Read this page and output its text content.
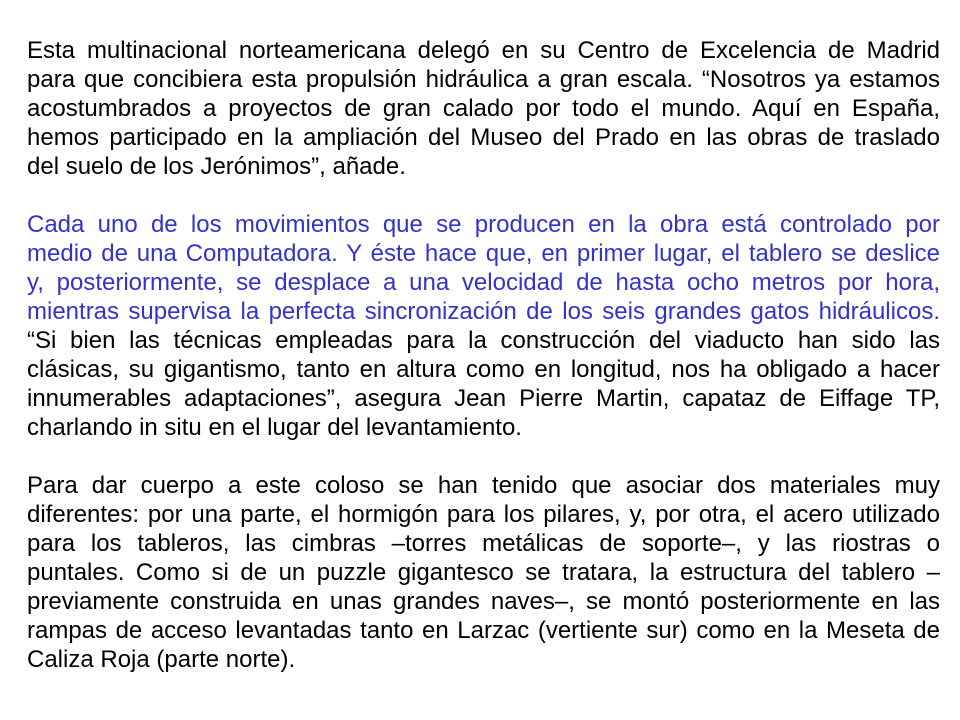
Esta multinacional norteamericana delegó en su Centro de Excelencia de Madrid
para que concibiera esta propulsión hidráulica a gran escala. “Nosotros ya estamos
acostumbrados a proyectos de gran calado por todo el mundo. Aquí en España,
hemos participado en la ampliación del Museo del Prado en las obras de traslado
del suelo de los Jerónimos”, añade.
Cada uno de los movimientos que se producen en la obra está controlado por
medio de una Computadora. Y éste hace que, en primer lugar, el tablero se deslice
y, posteriormente, se desplace a una velocidad de hasta ocho metros por hora,
mientras supervisa la perfecta sincronización de los seis grandes gatos hidráulicos.
“Si bien las técnicas empleadas para la construcción del viaducto han sido las
clásicas, su gigantismo, tanto en altura como en longitud, nos ha obligado a hacer
innumerables adaptaciones”, asegura Jean Pierre Martin, capataz de Eiffage TP,
charlando in situ en el lugar del levantamiento.
Para dar cuerpo a este coloso se han tenido que asociar dos materiales muy
diferentes: por una parte, el hormigón para los pilares, y, por otra, el acero utilizado
para los tableros, las cimbras –torres metálicas de soporte–, y las riostras o
puntales. Como si de un puzzle gigantesco se tratara, la estructura del tablero –
previamente construida en unas grandes naves–, se montó posteriormente en las
rampas de acceso levantadas tanto en Larzac (vertiente sur) como en la Meseta de
Caliza Roja (parte norte).
